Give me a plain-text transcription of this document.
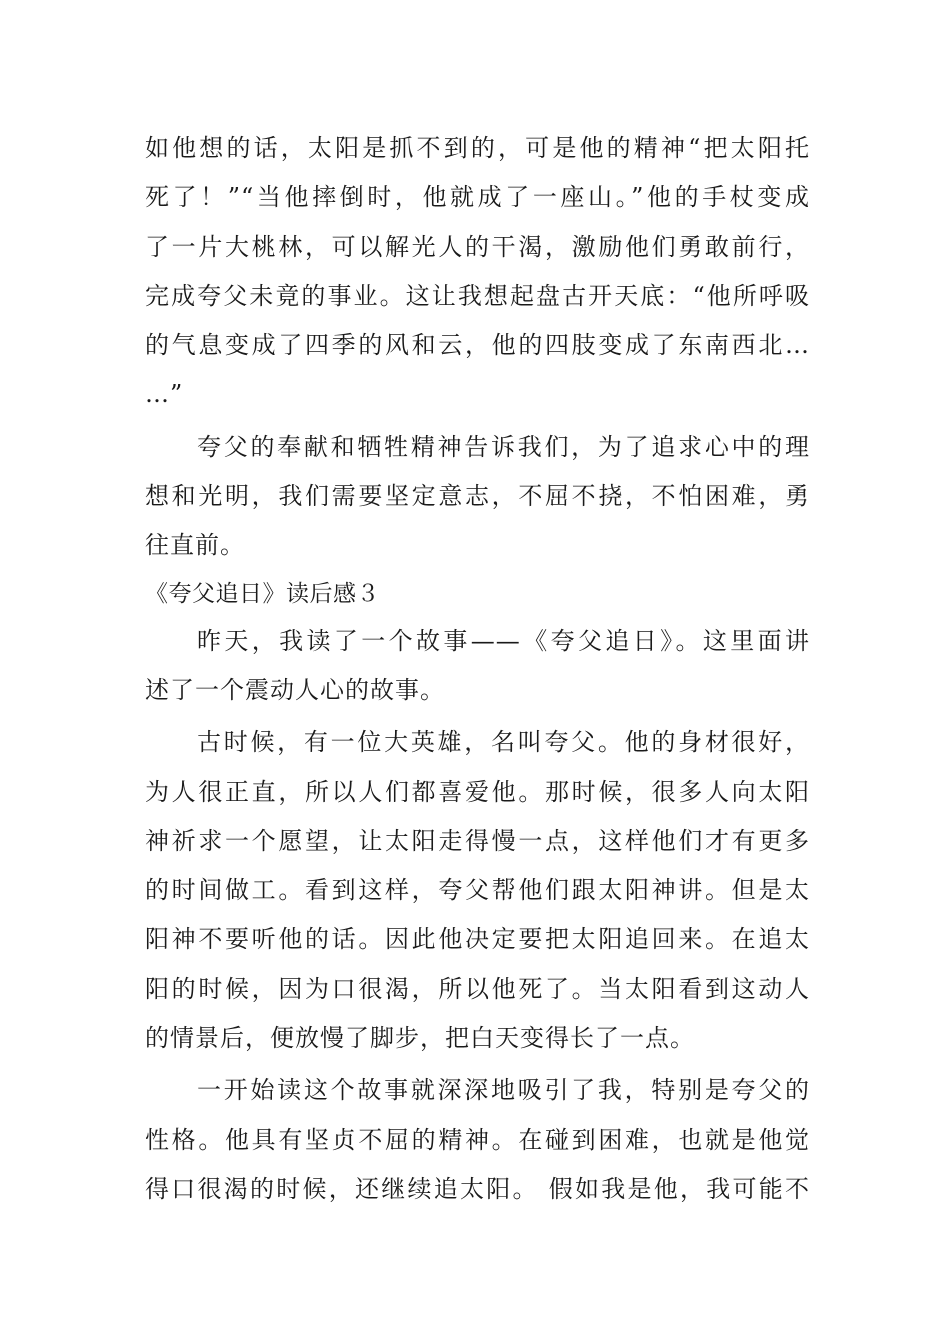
如他想的话，太阳是抓不到的，可是他的精神“把太阳托
死了！”“当他摔倒时，他就成了一座山。”他的手杖变成
了一片大桃林，可以解光人的干渴，激励他们勇敢前行，
完成夸父未竟的事业。这让我想起盘古开天底：“他所呼吸
的气息变成了四季的风和云，他的四肢变成了东南西北…
…”
夸父的奉献和牺牲精神告诉我们，为了追求心中的理
想和光明，我们需要坚定意志，不屈不挠，不怕困难，勇
往直前。
《夸父追日》读后感３
昨天，我读了一个故事——《夸父追日》。这里面讲
述了一个震动人心的故事。
古时候，有一位大英雄，名叫夸父。他的身材很好，
为人很正直，所以人们都喜爱他。那时候，很多人向太阳
神祈求一个愿望，让太阳走得慢一点，这样他们才有更多
的时间做工。看到这样，夸父帮他们跟太阳神讲。但是太
阳神不要听他的话。因此他决定要把太阳追回来。在追太
阳的时候，因为口很渴，所以他死了。当太阳看到这动人
的情景后，便放慢了脚步，把白天变得长了一点。
一开始读这个故事就深深地吸引了我，特别是夸父的
性格。他具有坚贞不屈的精神。在碰到困难，也就是他觉
得口很渴的时候，还继续追太阳。 假如我是他，我可能不
